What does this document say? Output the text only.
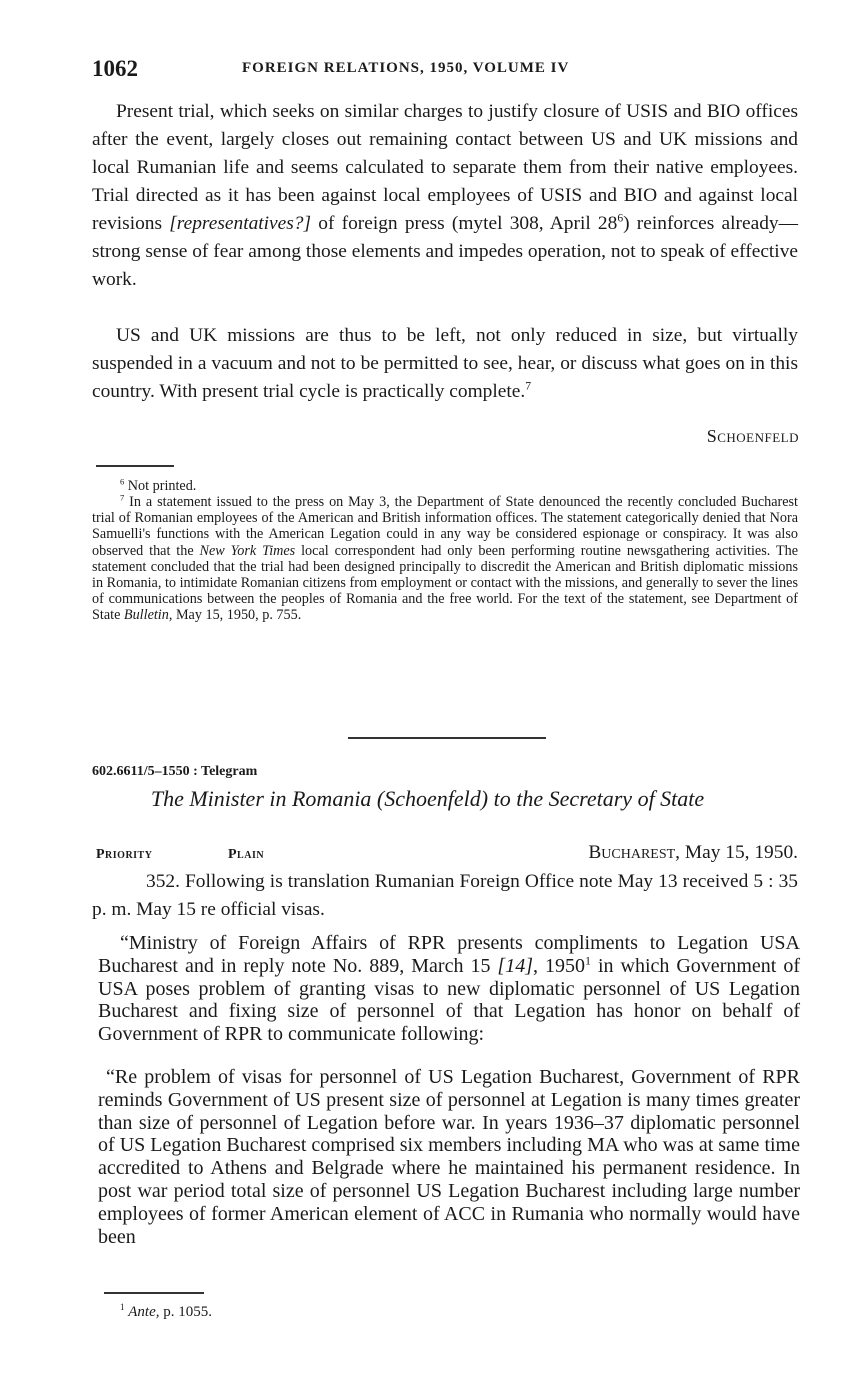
1062	FOREIGN RELATIONS, 1950, VOLUME IV
Present trial, which seeks on similar charges to justify closure of USIS and BIO offices after the event, largely closes out remaining contact between US and UK missions and local Rumanian life and seems calculated to separate them from their native employees. Trial directed as it has been against local employees of USIS and BIO and against local revisions [representatives?] of foreign press (mytel 308, April $28^6$) reinforces already—strong sense of fear among those elements and impedes operation, not to speak of effective work.
US and UK missions are thus to be left, not only reduced in size, but virtually suspended in a vacuum and not to be permitted to see, hear, or discuss what goes on in this country. With present trial cycle is practically complete.$^7$
Schoenfeld
$^6$ Not printed.
$^7$ In a statement issued to the press on May 3, the Department of State denounced the recently concluded Bucharest trial of Romanian employees of the American and British information offices. The statement categorically denied that Nora Samuelli's functions with the American Legation could in any way be considered espionage or conspiracy. It was also observed that the New York Times local correspondent had only been performing routine newsgathering activities. The statement concluded that the trial had been designed principally to discredit the American and British diplomatic missions in Romania, to intimidate Romanian citizens from employment or contact with the missions, and generally to sever the lines of communications between the peoples of Romania and the free world. For the text of the statement, see Department of State Bulletin, May 15, 1950, p. 755.
602.6611/5–1550 : Telegram
The Minister in Romania (Schoenfeld) to the Secretary of State
Priority	Plain	Bucharest, May 15, 1950.
352. Following is translation Rumanian Foreign Office note May 13 received 5 : 35 p. m. May 15 re official visas.
“Ministry of Foreign Affairs of RPR presents compliments to Legation USA Bucharest and in reply note No. 889, March 15 [14], 1950$^1$ in which Government of USA poses problem of granting visas to new diplomatic personnel of US Legation Bucharest and fixing size of personnel of that Legation has honor on behalf of Government of RPR to communicate following:
“Re problem of visas for personnel of US Legation Bucharest, Government of RPR reminds Government of US present size of personnel at Legation is many times greater than size of personnel of Legation before war. In years 1936–37 diplomatic personnel of US Legation Bucharest comprised six members including MA who was at same time accredited to Athens and Belgrade where he maintained his permanent residence. In post war period total size of personnel US Legation Bucharest including large number employees of former American element of ACC in Rumania who normally would have been
$^1$ Ante, p. 1055.
